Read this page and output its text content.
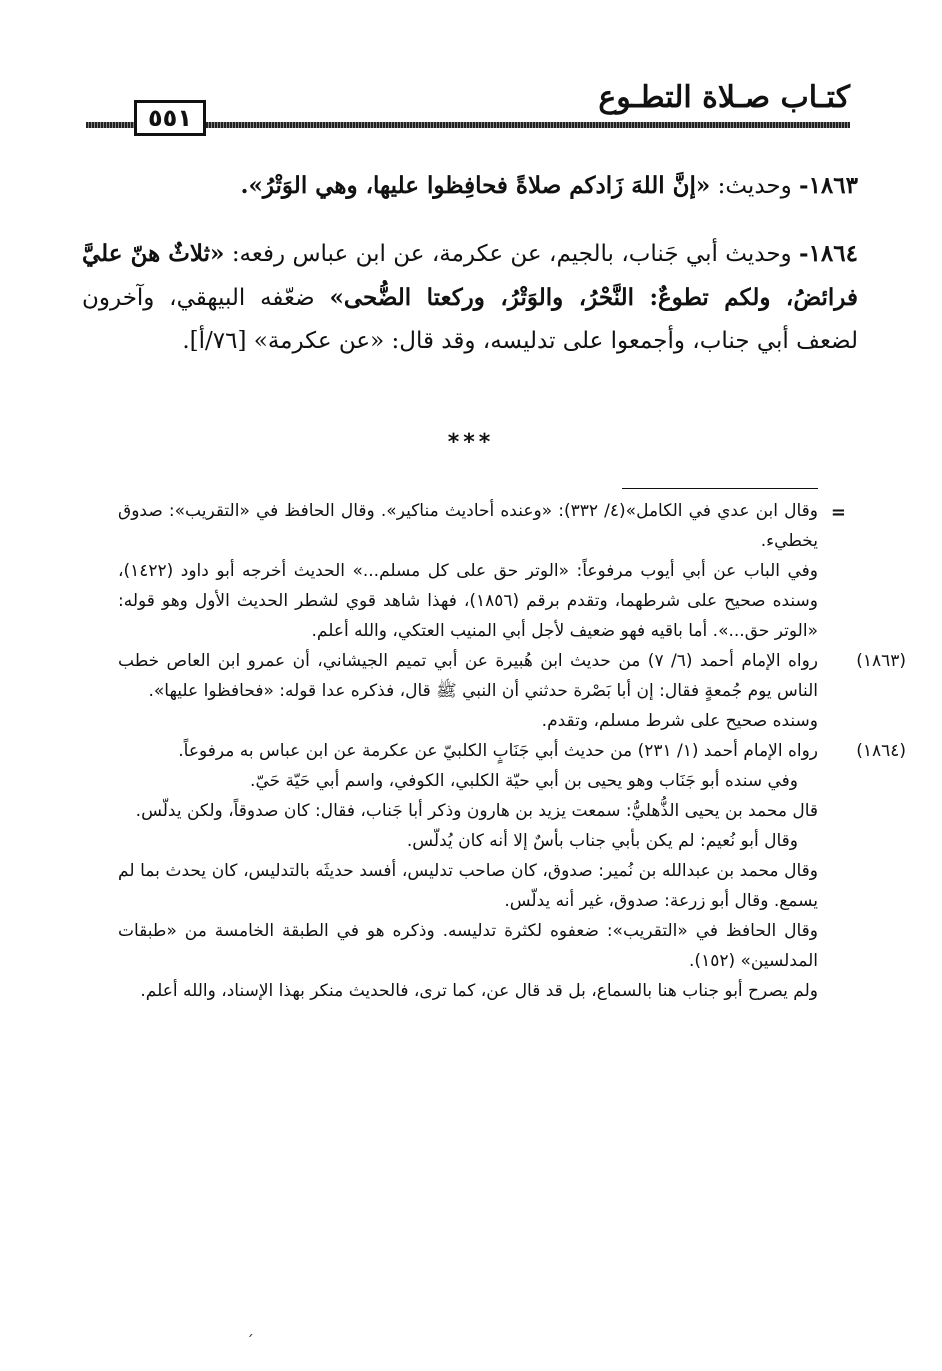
كتـاب صـلاة التطـوع
٥٥١

١٨٦٣- وحديث: «إنَّ اللهَ زَادكم صلاةً فحافِظوا عليها، وهي الوَتْرُ».

١٨٦٤- وحديث أبي جَناب، بالجيم، عن عكرمة، عن ابن عباس رفعه: «ثلاثٌ هنّ عليَّ فرائضُ، ولكم تطوعٌ: النَّحْرُ، والوَتْرُ، وركعتا الضُّحى» ضعّفه البيهقي، وآخرون لضعف أبي جناب، وأجمعوا على تدليسه، وقد قال: «عن عكرمة» [٧٦/أ].

***
=

وقال ابن عدي في الكامل»(٤/ ٣٣٢): «وعنده أحاديث مناكير». وقال الحافظ في «التقريب»: صدوق يخطيء.

وفي الباب عن أبي أيوب مرفوعاً: «الوتر حق على كل مسلم...» الحديث أخرجه أبو داود (١٤٢٢)، وسنده صحيح على شرطهما، وتقدم برقم (١٨٥٦)، فهذا شاهد قوي لشطر الحديث الأول وهو قوله: «الوتر حق...». أما باقيه فهو ضعيف لأجل أبي المنيب العتكي، والله أعلم.

(١٨٦٣)

رواه الإمام أحمد (٦/ ٧) من حديث ابن هُبيرة عن أبي تميم الجيشاني، أن عمرو ابن العاص خطب الناس يوم جُمعةٍ فقال: إن أبا بَصْرة حدثني أن النبي ﷺ قال، فذكره عدا قوله: «فحافظوا عليها».

وسنده صحيح على شرط مسلم، وتقدم.

(١٨٦٤)

رواه الإمام أحمد (١/ ٢٣١) من حديث أبي جَنَابٍ الكلبيّ عن عكرمة عن ابن عباس به مرفوعاً.

وفي سنده أبو جَنَاب وهو يحيى بن أبي حيّة الكلبي، الكوفي، واسم أبي حَيّة حَيّ.

قال محمد بن يحيى الذُّهليُّ: سمعت يزيد بن هارون وذكر أبا جَناب، فقال: كان صدوقاً، ولكن يدلّس.

وقال أبو نُعيم: لم يكن بأبي جناب بأسٌ إلا أنه كان يُدلّس.

وقال محمد بن عبدالله بن نُمير: صدوق، كان صاحب تدليس، أفسد حديثَه بالتدليس، كان يحدث بما لم يسمع. وقال أبو زرعة: صدوق، غير أنه يدلّس.

وقال الحافظ في «التقريب»: ضعفوه لكثرة تدليسه. وذكره هو في الطبقة الخامسة من «طبقات المدلسين» (١٥٢).

ولم يصرح أبو جناب هنا بالسماع، بل قد قال عن، كما ترى، فالحديث منكر بهذا الإسناد، والله أعلم.

ˏ
